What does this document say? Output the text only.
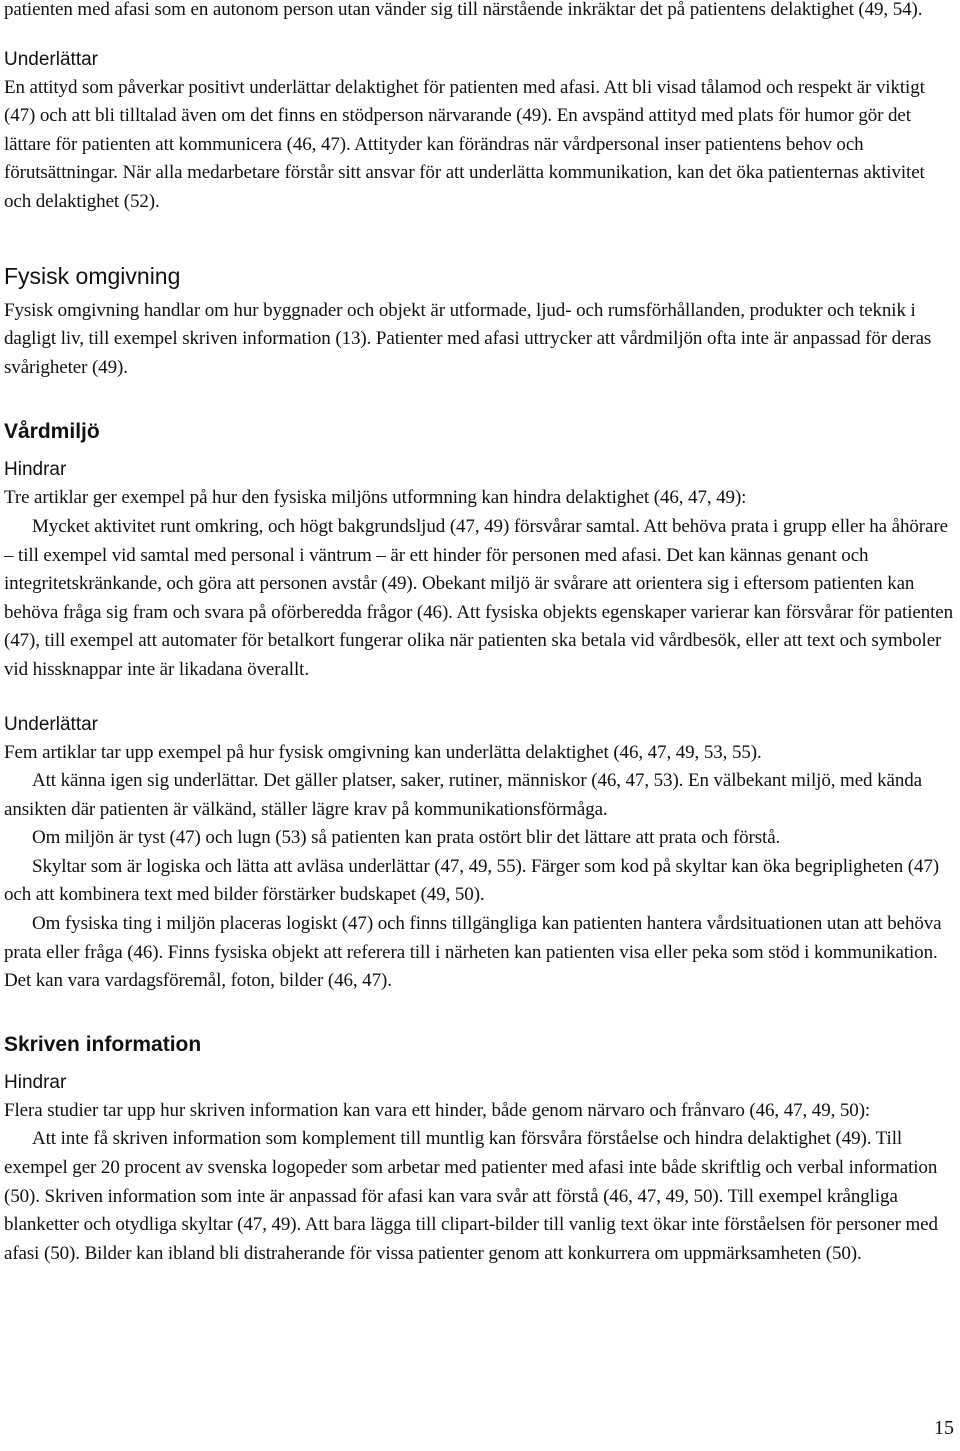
patienten med afasi som en autonom person utan vänder sig till närstående inkräktar det på patientens delaktighet (49, 54).

Underlättar

En attityd som påverkar positivt underlättar delaktighet för patienten med afasi. Att bli visad tålamod och respekt är viktigt (47) och att bli tilltalad även om det finns en stödperson närvarande (49). En avspänd attityd med plats för humor gör det lättare för patienten att kommunicera (46, 47). Attityder kan förändras när vårdpersonal inser patientens behov och förutsättningar. När alla medarbetare förstår sitt ansvar för att underlätta kommunikation, kan det öka patienternas aktivitet och delaktighet (52).

Fysisk omgivning

Fysisk omgivning handlar om hur byggnader och objekt är utformade, ljud- och rumsförhållanden, produkter och teknik i dagligt liv, till exempel skriven information (13). Patienter med afasi uttrycker att vårdmiljön ofta inte är anpassad för deras svårigheter (49).

Vårdmiljö
Hindrar

Tre artiklar ger exempel på hur den fysiska miljöns utformning kan hindra delaktighet (46, 47, 49):

Mycket aktivitet runt omkring, och högt bakgrundsljud (47, 49) försvårar samtal. Att behöva prata i grupp eller ha åhörare – till exempel vid samtal med personal i väntrum – är ett hinder för personen med afasi. Det kan kännas genant och integritetskränkande, och göra att personen avstår (49). Obekant miljö är svårare att orientera sig i eftersom patienten kan behöva fråga sig fram och svara på oförberedda frågor (46). Att fysiska objekts egenskaper varierar kan försvårar för patienten (47), till exempel att automater för betalkort fungerar olika när patienten ska betala vid vårdbesök, eller att text och symboler vid hissknappar inte är likadana överallt.

Underlättar

Fem artiklar tar upp exempel på hur fysisk omgivning kan underlätta delaktighet (46, 47, 49, 53, 55).

Att känna igen sig underlättar. Det gäller platser, saker, rutiner, människor (46, 47, 53). En välbekant miljö, med kända ansikten där patienten är välkänd, ställer lägre krav på kommunikationsförmåga.

Om miljön är tyst (47) och lugn (53) så patienten kan prata ostört blir det lättare att prata och förstå.

Skyltar som är logiska och lätta att avläsa underlättar (47, 49, 55). Färger som kod på skyltar kan öka begripligheten (47) och att kombinera text med bilder förstärker budskapet (49, 50).

Om fysiska ting i miljön placeras logiskt (47) och finns tillgängliga kan patienten hantera vårdsituationen utan att behöva prata eller fråga (46). Finns fysiska objekt att referera till i närheten kan patienten visa eller peka som stöd i kommunikation. Det kan vara vardagsföremål, foton, bilder (46, 47).

Skriven information
Hindrar

Flera studier tar upp hur skriven information kan vara ett hinder, både genom närvaro och frånvaro (46, 47, 49, 50):

Att inte få skriven information som komplement till muntlig kan försvåra förståelse och hindra delaktighet (49). Till exempel ger 20 procent av svenska logopeder som arbetar med patienter med afasi inte både skriftlig och verbal information (50). Skriven information som inte är anpassad för afasi kan vara svår att förstå (46, 47, 49, 50). Till exempel krångliga blanketter och otydliga skyltar (47, 49). Att bara lägga till clipart-bilder till vanlig text ökar inte förståelsen för personer med afasi (50). Bilder kan ibland bli distraherande för vissa patienter genom att konkurrera om uppmärksamheten (50).

15
